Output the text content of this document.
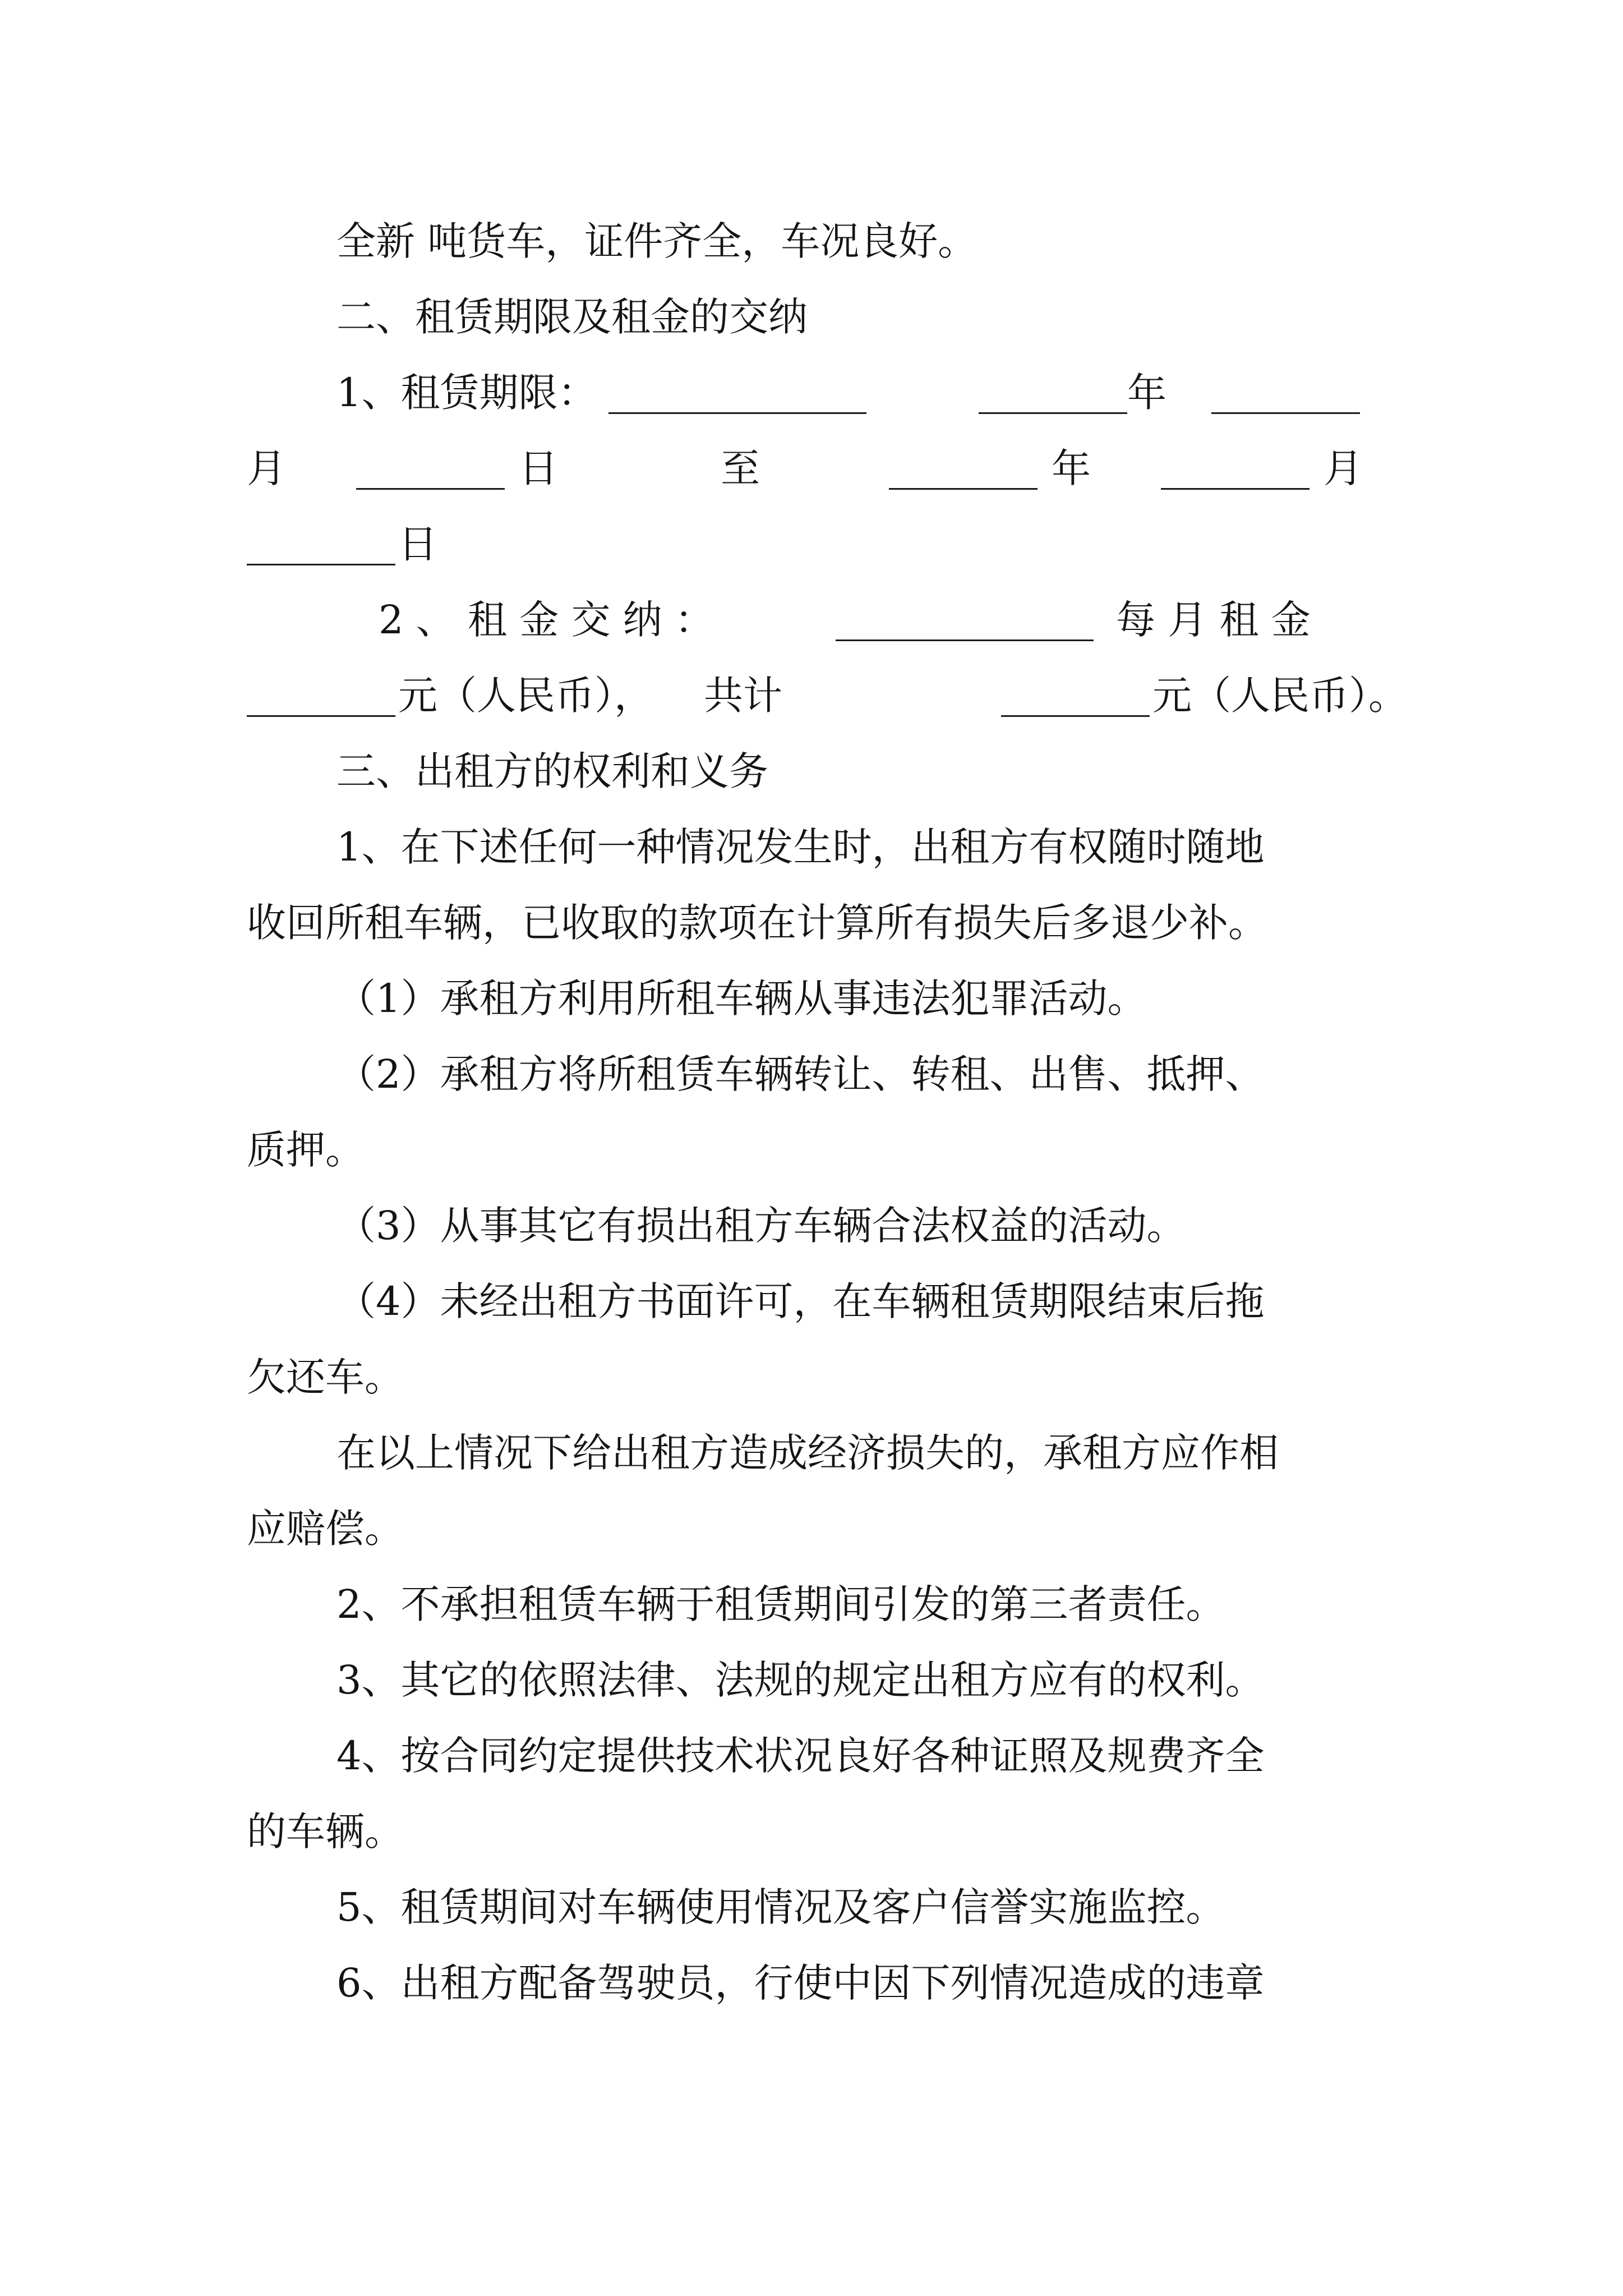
全新 吨货车，证件齐全，车况良好。
二、租赁期限及租金的交纳
1、租赁期限：	年
月	日	至	年	月
日
2 、 租 金 交 纳 ：	每 月 租 金
元（人民币）， 共计	元（人民币）。
三、出租方的权利和义务
1、在下述任何一种情况发生时，出租方有权随时随地
收回所租车辆，已收取的款项在计算所有损失后多退少补。
（1）承租方利用所租车辆从事违法犯罪活动。
（2）承租方将所租赁车辆转让、转租、出售、抵押、
质押。
（3）从事其它有损出租方车辆合法权益的活动。
（4）未经出租方书面许可，在车辆租赁期限结束后拖
欠还车。
在以上情况下给出租方造成经济损失的，承租方应作相
应赔偿。
2、不承担租赁车辆于租赁期间引发的第三者责任。
3、其它的依照法律、法规的规定出租方应有的权利。
4、按合同约定提供技术状况良好各种证照及规费齐全
的车辆。
5、租赁期间对车辆使用情况及客户信誉实施监控。
6、出租方配备驾驶员，行使中因下列情况造成的违章
